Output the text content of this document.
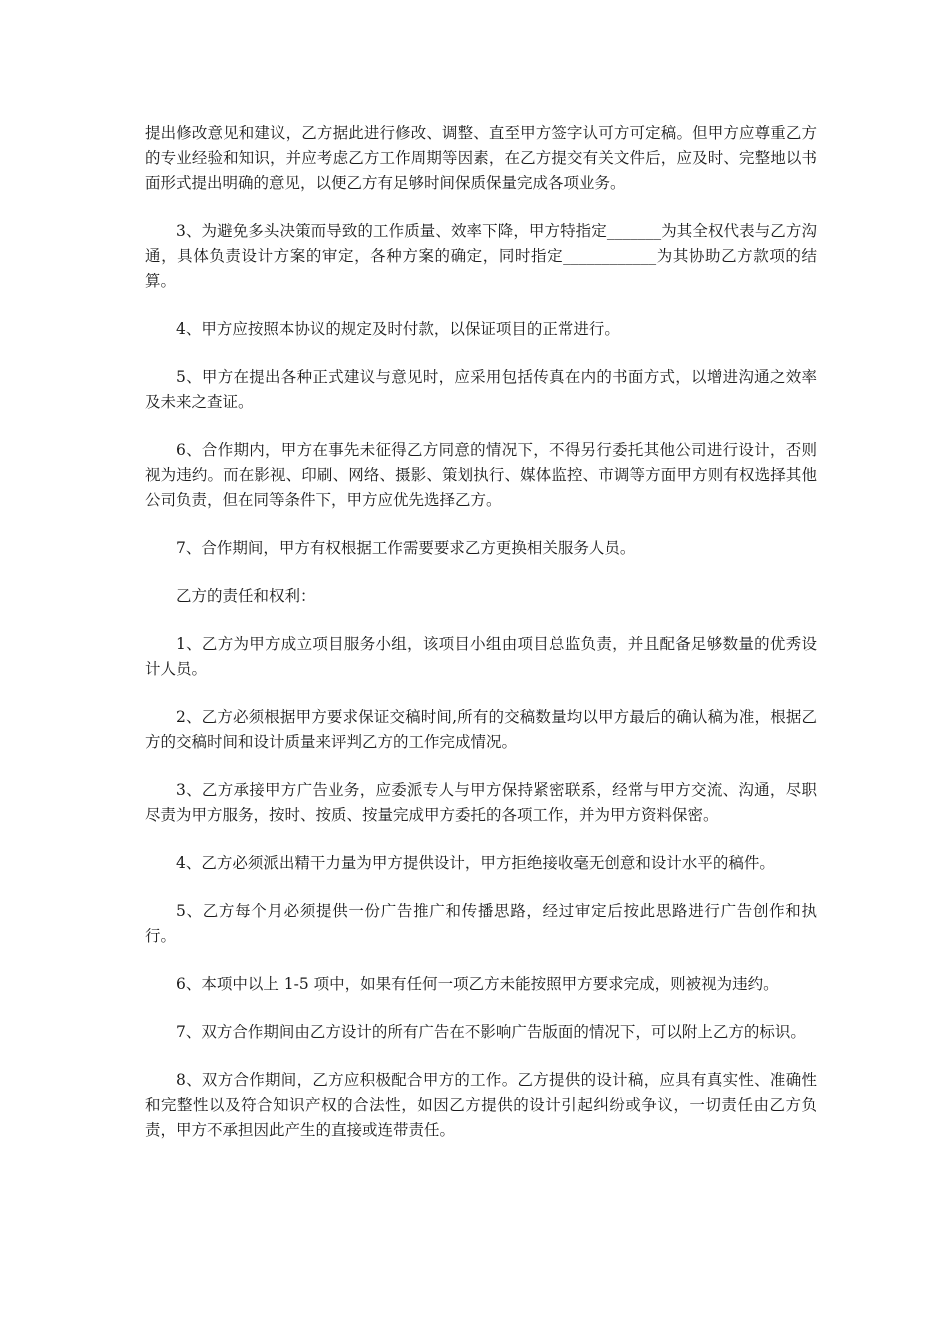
提出修改意见和建议，乙方据此进行修改、调整、直至甲方签字认可方可定稿。但甲方应尊重乙方的专业经验和知识，并应考虑乙方工作周期等因素，在乙方提交有关文件后，应及时、完整地以书面形式提出明确的意见，以便乙方有足够时间保质保量完成各项业务。

3、为避免多头决策而导致的工作质量、效率下降，甲方特指定_______为其全权代表与乙方沟通，具体负责设计方案的审定，各种方案的确定，同时指定____________为其协助乙方款项的结算。

4、甲方应按照本协议的规定及时付款，以保证项目的正常进行。

5、甲方在提出各种正式建议与意见时，应采用包括传真在内的书面方式，以增进沟通之效率及未来之查证。

6、合作期内，甲方在事先未征得乙方同意的情况下，不得另行委托其他公司进行设计，否则视为违约。而在影视、印刷、网络、摄影、策划执行、媒体监控、市调等方面甲方则有权选择其他公司负责，但在同等条件下，甲方应优先选择乙方。

7、合作期间，甲方有权根据工作需要要求乙方更换相关服务人员。

乙方的责任和权利：

1、乙方为甲方成立项目服务小组，该项目小组由项目总监负责，并且配备足够数量的优秀设计人员。

2、乙方必须根据甲方要求保证交稿时间,所有的交稿数量均以甲方最后的确认稿为准，根据乙方的交稿时间和设计质量来评判乙方的工作完成情况。

3、乙方承接甲方广告业务，应委派专人与甲方保持紧密联系，经常与甲方交流、沟通，尽职尽责为甲方服务，按时、按质、按量完成甲方委托的各项工作，并为甲方资料保密。

4、乙方必须派出精干力量为甲方提供设计，甲方拒绝接收毫无创意和设计水平的稿件。

5、乙方每个月必须提供一份广告推广和传播思路，经过审定后按此思路进行广告创作和执行。

6、本项中以上 1-5 项中，如果有任何一项乙方未能按照甲方要求完成，则被视为违约。

7、双方合作期间由乙方设计的所有广告在不影响广告版面的情况下，可以附上乙方的标识。

8、双方合作期间，乙方应积极配合甲方的工作。乙方提供的设计稿，应具有真实性、准确性和完整性以及符合知识产权的合法性，如因乙方提供的设计引起纠纷或争议，一切责任由乙方负责，甲方不承担因此产生的直接或连带责任。
